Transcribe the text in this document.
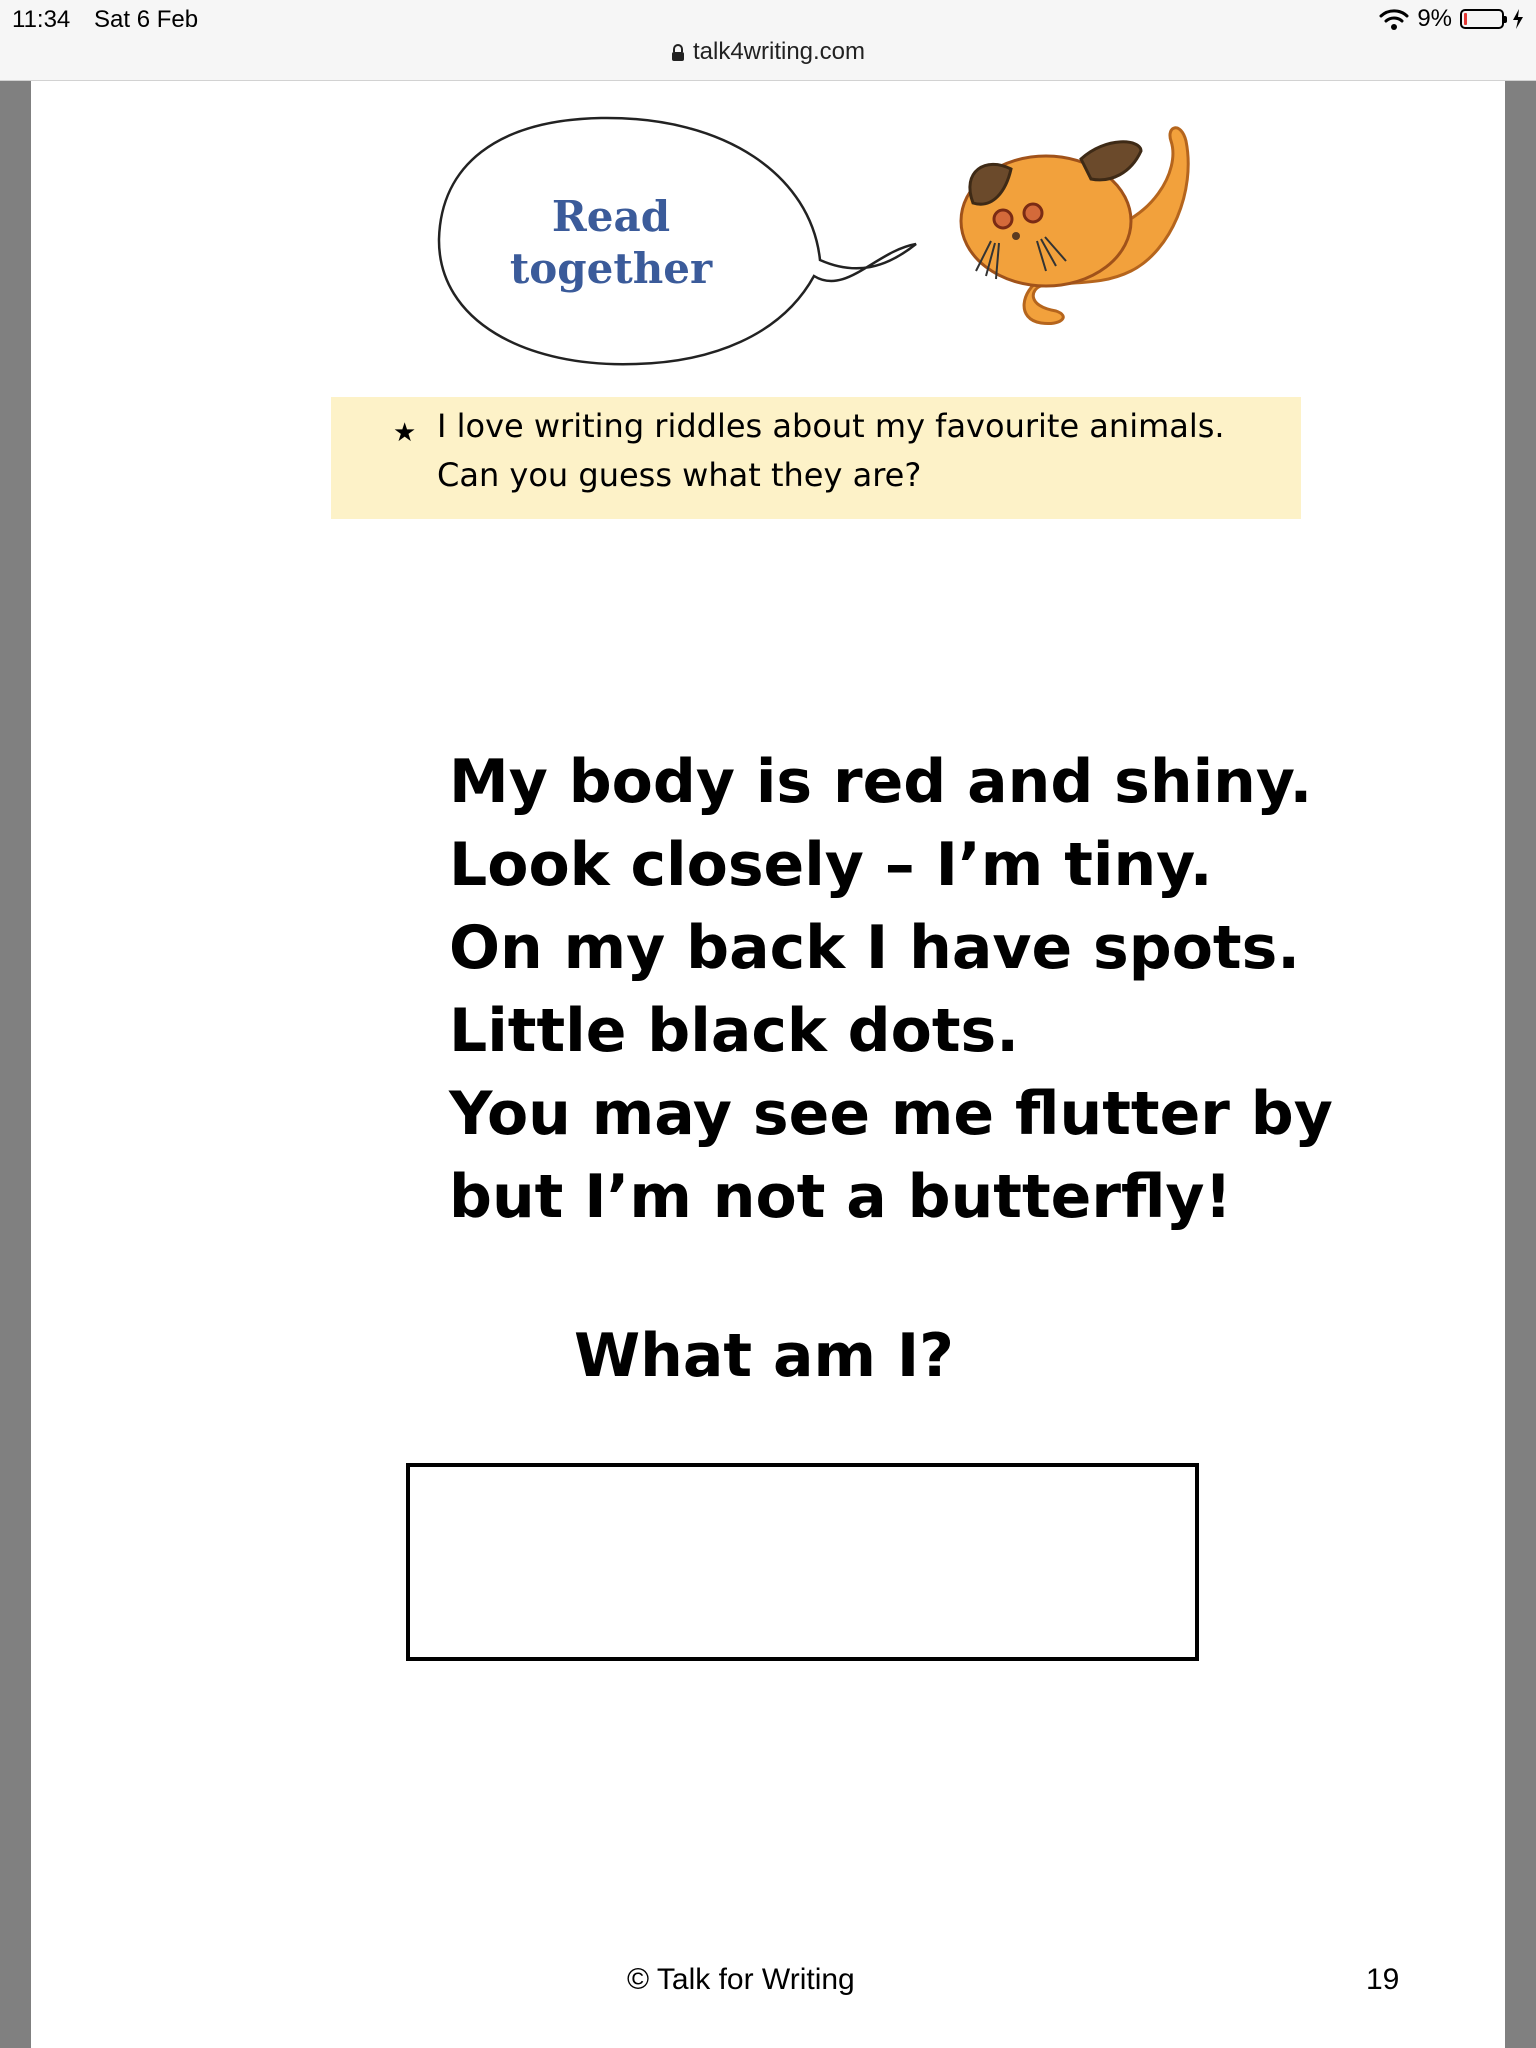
11:34 Sat 6 Feb
talk4writing.com
9%
Read
together
★ I love writing riddles about my favourite animals.
Can you guess what they are?
My body is red and shiny.
Look closely – I’m tiny.
On my back I have spots.
Little black dots.
You may see me flutter by
but I’m not a butterfly!
What am I?
© Talk for Writing	19
